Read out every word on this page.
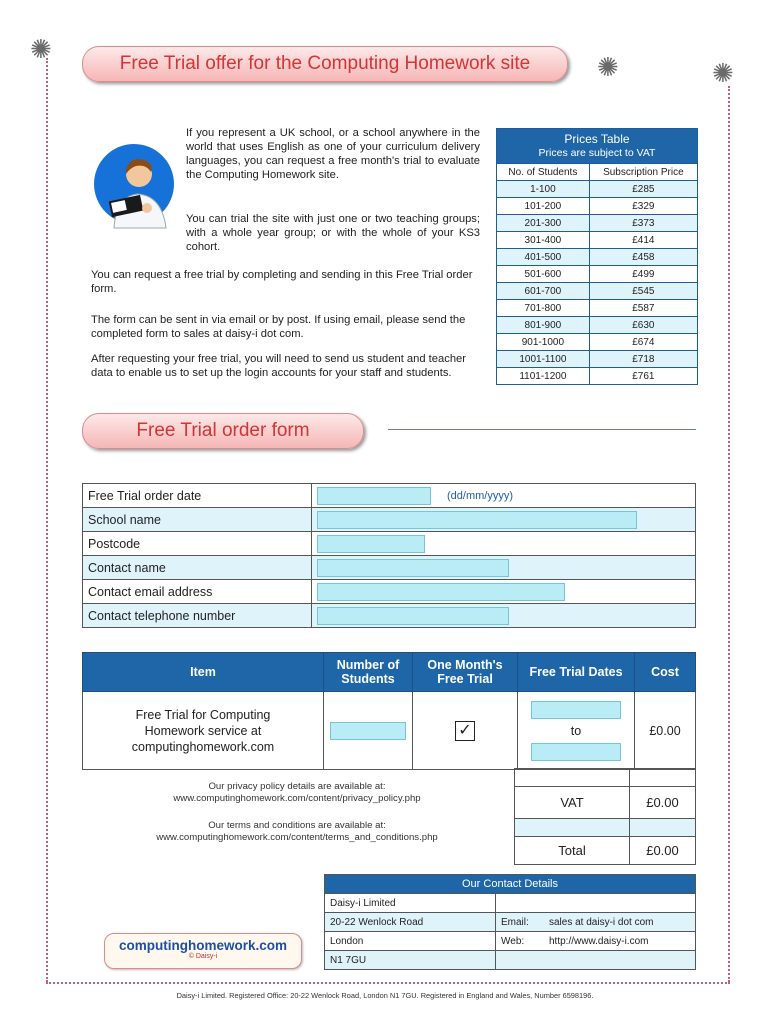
✺
✺	✺
Free Trial offer for the Computing Homework site
If you represent a UK school, or a school anywhere in the world that uses English as one of your curriculum delivery languages, you can request a free month's trial to evaluate the Computing Homework site.
You can trial the site with just one or two teaching groups; with a whole year group; or with the whole of your KS3 cohort.
You can request a free trial by completing and sending in this Free Trial order form.
The form can be sent in via email or by post. If using email, please send the completed form to sales at daisy-i dot com.
After requesting your free trial, you will need to send us student and teacher data to enable us to set up the login accounts for your staff and students.
Prices Table
Prices are subject to VAT	

No. of Students	Subscription Price
1-100	£285
101-200	£329
201-300	£373
301-400	£414
401-500	£458
501-600	£499
601-700	£545
701-800	£587
801-900	£630
901-1000	£674
1001-1100	£718
1101-1200	£761
Free Trial order form
Free Trial order date	(dd/mm/yyyy)
School name	
Postcode	
Contact name	
Contact email address	
Contact telephone number	
Item	Number of Students	One Month's Free Trial	Free Trial Dates	Cost
Free Trial for Computing Homework service at computinghomework.com		✓	to	£0.00

VAT	£0.00

Total	£0.00
Our privacy policy details are available at:
www.computinghomework.com/content/privacy_policy.php
Our terms and conditions are available at:
www.computinghomework.com/content/terms_and_conditions.php
Our Contact Details	
Daisy-i Limited	
20-22 Wenlock Road	Email: sales at daisy-i dot com
London	Web: http://www.daisy-i.com
N1 7GU	
computinghomework.com
© Daisy-i
Daisy-i Limited. Registered Office: 20-22 Wenlock Road, London N1 7GU. Registered in England and Wales, Number 6598196.
